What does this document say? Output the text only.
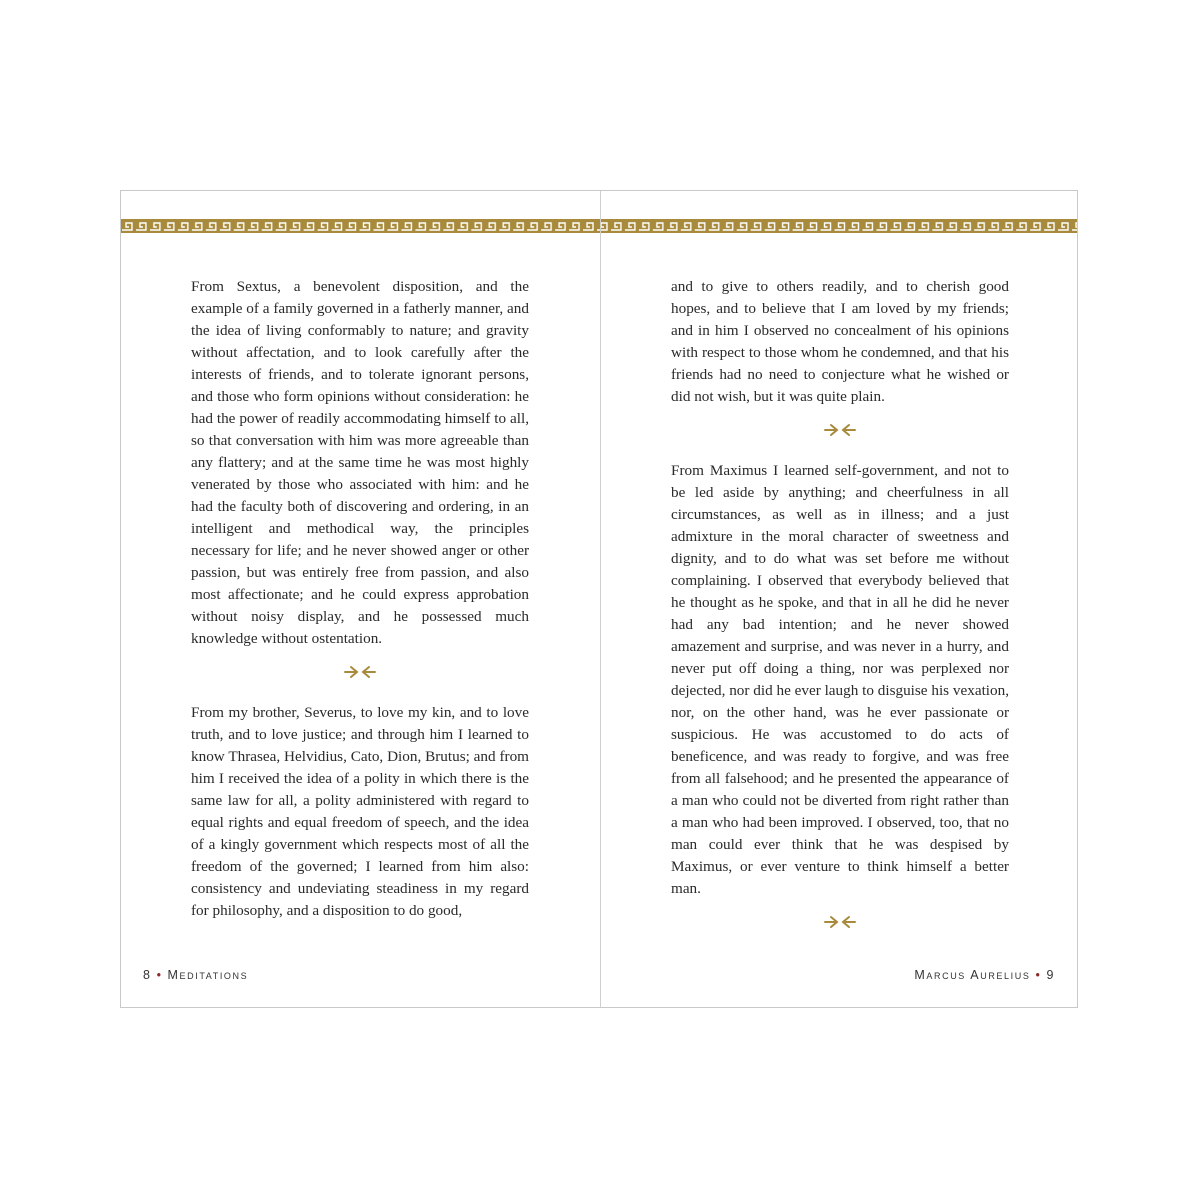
From Sextus, a benevolent disposition, and the example of a family governed in a fatherly manner, and the idea of living conformably to nature; and gravity without affectation, and to look carefully after the interests of friends, and to tolerate ignorant persons, and those who form opinions without consideration: he had the power of readily accommodating himself to all, so that conversation with him was more agreeable than any flattery; and at the same time he was most highly venerated by those who associated with him: and he had the faculty both of discovering and ordering, in an intelligent and methodical way, the principles necessary for life; and he never showed anger or other passion, but was entirely free from passion, and also most affectionate; and he could express approbation without noisy display, and he possessed much knowledge without ostentation.

From my brother, Severus, to love my kin, and to love truth, and to love justice; and through him I learned to know Thrasea, Helvidius, Cato, Dion, Brutus; and from him I received the idea of a polity in which there is the same law for all, a polity administered with regard to equal rights and equal freedom of speech, and the idea of a kingly government which respects most of all the freedom of the governed; I learned from him also: consistency and undeviating steadiness in my regard for philosophy, and a disposition to do good,

8 • Meditations

and to give to others readily, and to cherish good hopes, and to believe that I am loved by my friends; and in him I observed no concealment of his opinions with respect to those whom he condemned, and that his friends had no need to conjecture what he wished or did not wish, but it was quite plain.

From Maximus I learned self-government, and not to be led aside by anything; and cheerfulness in all circumstances, as well as in illness; and a just admixture in the moral character of sweetness and dignity, and to do what was set before me without complaining. I observed that everybody believed that he thought as he spoke, and that in all he did he never had any bad intention; and he never showed amazement and surprise, and was never in a hurry, and never put off doing a thing, nor was perplexed nor dejected, nor did he ever laugh to disguise his vexation, nor, on the other hand, was he ever passionate or suspicious. He was accustomed to do acts of beneficence, and was ready to forgive, and was free from all falsehood; and he presented the appearance of a man who could not be diverted from right rather than a man who had been improved. I observed, too, that no man could ever think that he was despised by Maximus, or ever venture to think himself a better man.

Marcus Aurelius • 9
